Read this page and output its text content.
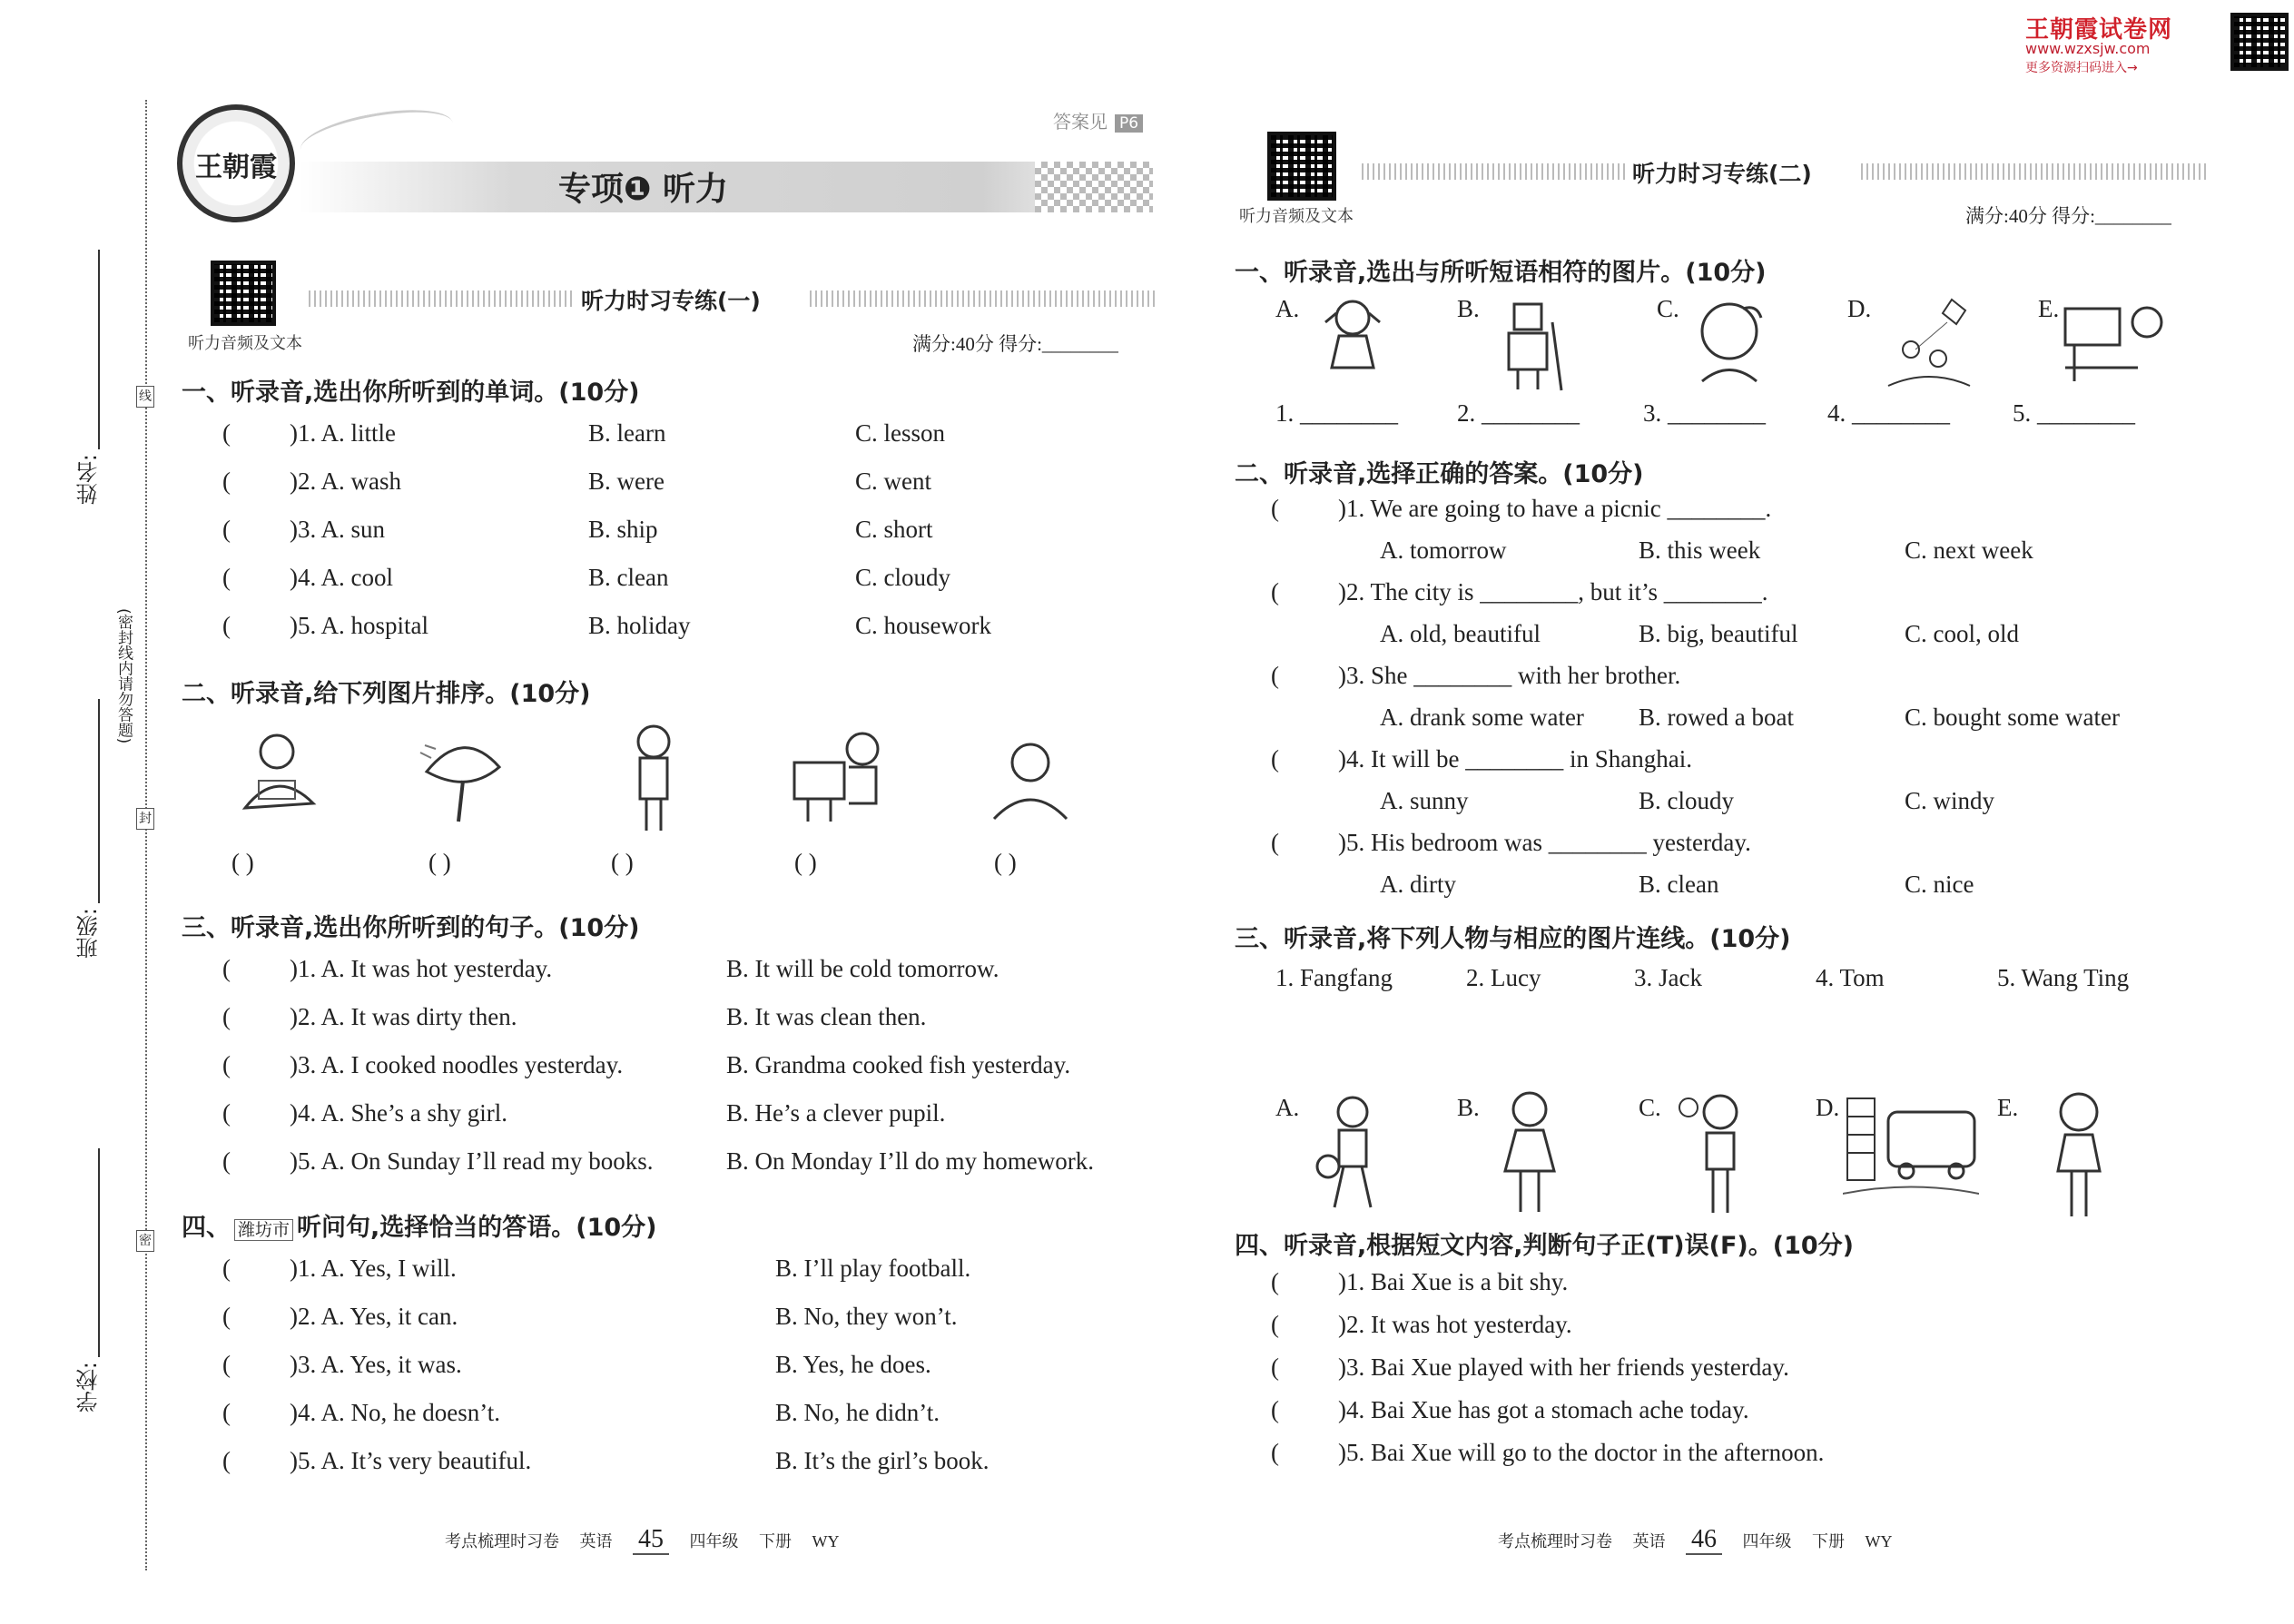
王朝霞试卷网
www.wzxsjw.com
更多资源扫码进入→
线
封
密
姓名:
班级:
学校:
(密封线内请勿答题)
王朝霞
答案见 P6
专项❶ 听力
听力音频及文本
听力时习专练(一)
满分:40分 得分:________
一、听录音,选出你所听到的单词。(10分)
( )1. A. little	B. learn	C. lesson
( )2. A. wash	B. were	C. went
( )3. A. sun	B. ship	C. short
( )4. A. cool	B. clean	C. cloudy
( )5. A. hospital	B. holiday	C. housework
二、听录音,给下列图片排序。(10分)
( )	( )	( )	( )	( )
三、听录音,选出你所听到的句子。(10分)
( )1. A. It was hot yesterday.	B. It will be cold tomorrow.
( )2. A. It was dirty then.	B. It was clean then.
( )3. A. I cooked noodles yesterday.	B. Grandma cooked fish yesterday.
( )4. A. She’s a shy girl.	B. He’s a clever pupil.
( )5. A. On Sunday I’ll read my books.	B. On Monday I’ll do my homework.
四、 潍坊市 听问句,选择恰当的答语。(10分)
( )1. A. Yes, I will.	B. I’ll play football.
( )2. A. Yes, it can.	B. No, they won’t.
( )3. A. Yes, it was.	B. Yes, he does.
( )4. A. No, he doesn’t.	B. No, he didn’t.
( )5. A. It’s very beautiful.	B. It’s the girl’s book.
考点梳理时习卷 英语 45 四年级 下册 WY
听力音频及文本
听力时习专练(二)
满分:40分 得分:________
一、听录音,选出与所听短语相符的图片。(10分)
A.	B.	C.	D.	E.
1. ________ 2. ________	3. ________	4. ________	5. ________
二、听录音,选择正确的答案。(10分)
( )1. We are going to have a picnic ________.
A. tomorrow	B. this week	C. next week
( )2. The city is ________, but it’s ________.
A. old, beautiful	B. big, beautiful	C. cool, old
( )3. She ________ with her brother.
A. drank some water B. rowed a boat	C. bought some water
( )4. It will be ________ in Shanghai.
A. sunny	B. cloudy	C. windy
( )5. His bedroom was ________ yesterday.
A. dirty	B. clean	C. nice
三、听录音,将下列人物与相应的图片连线。(10分)
1. Fangfang	2. Lucy	3. Jack	4. Tom	5. Wang Ting
A.	B.	C.	D.	E.
四、听录音,根据短文内容,判断句子正(T)误(F)。(10分)
( )1. Bai Xue is a bit shy.
( )2. It was hot yesterday.
( )3. Bai Xue played with her friends yesterday.
( )4. Bai Xue has got a stomach ache today.
( )5. Bai Xue will go to the doctor in the afternoon.
考点梳理时习卷 英语 46 四年级 下册 WY
